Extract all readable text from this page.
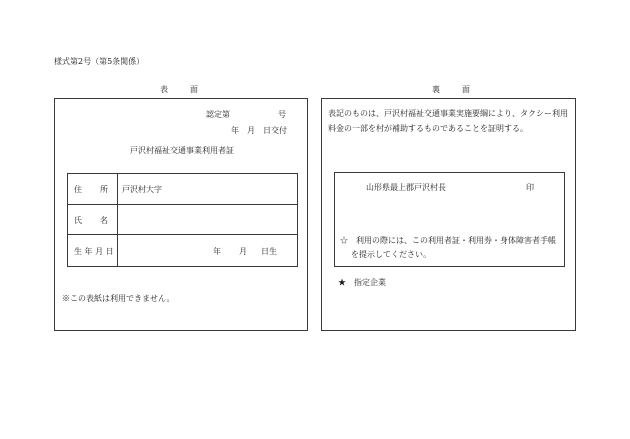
様式第2号（第5条関係）
表	面	裏	面
認定第　　　　　　号
年　月　日交付
戸沢村福祉交通事業利用者証
住 所 戸沢村大字
氏 名
生 年 月 日	年 月 日生
※この表紙は利用できません。
表記のものは、戸沢村福祉交通事業実施要綱により、タクシー利用
料金の一部を村が補助するものであることを証明する。
山形県最上郡戸沢村長	印
☆　利用の際には、この利用者証・利用券・身体障害者手帳
を提示してください。
★　指定企業
